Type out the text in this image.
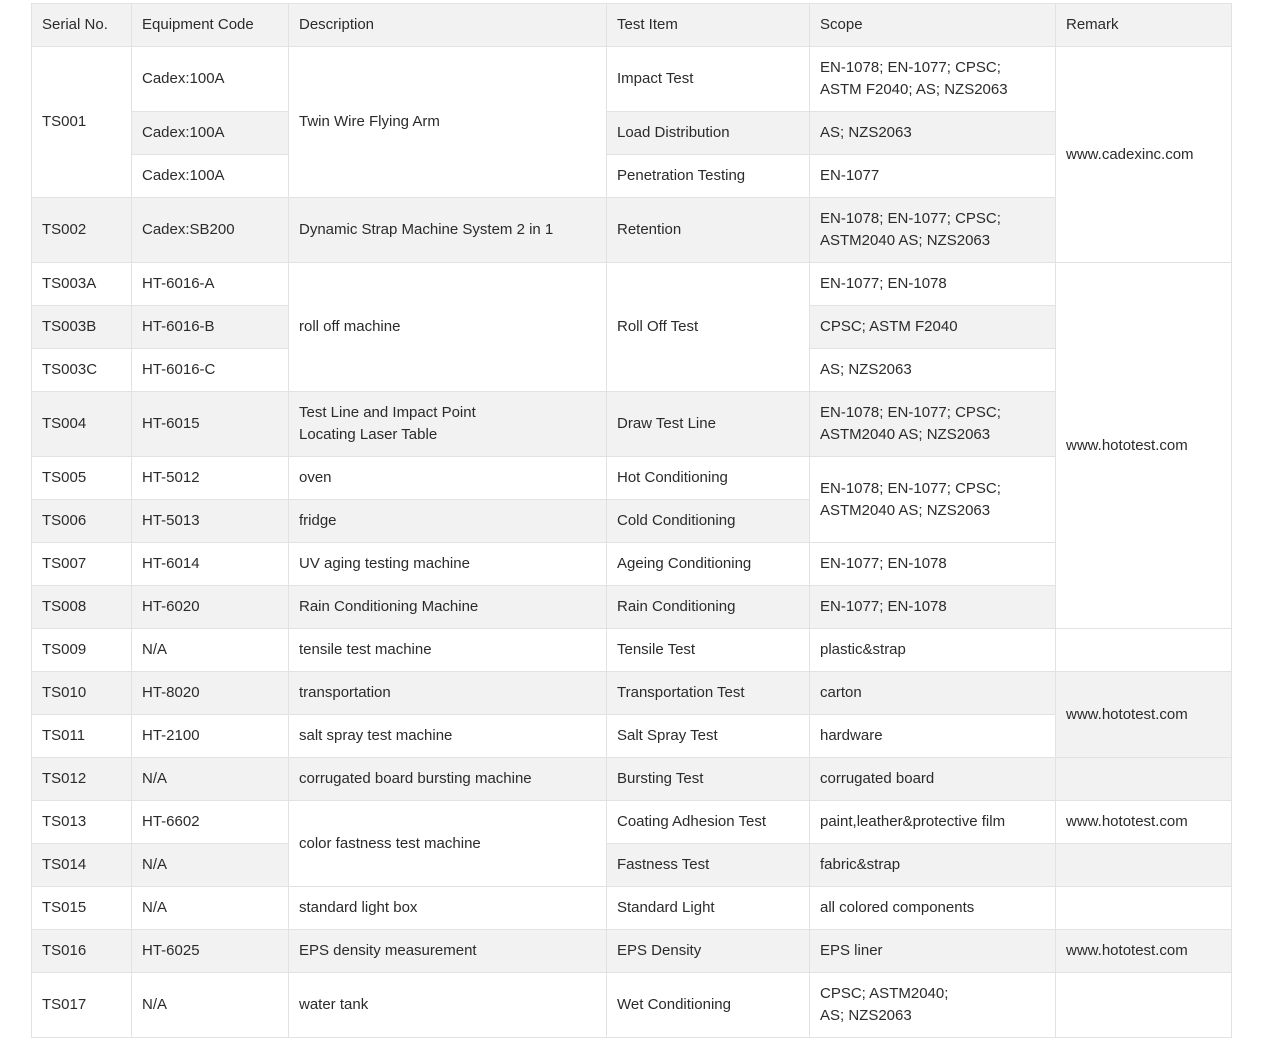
Serial No.	Equipment Code	Description	Test Item	Scope	Remark
TS001	Cadex:100A	Twin Wire Flying Arm	Impact Test	EN-1078; EN-1077; CPSC;
ASTM F2040; AS; NZS2063	www.cadexinc.com
	Cadex:100A		Load Distribution	AS; NZS2063	
	Cadex:100A		Penetration Testing	EN-1077	
TS002	Cadex:SB200	Dynamic Strap Machine System 2 in 1	Retention	EN-1078; EN-1077; CPSC;
ASTM2040 AS; NZS2063	
TS003A	HT-6016-A	roll off machine	Roll Off Test	EN-1077; EN-1078	www.hototest.com
TS003B	HT-6016-B			CPSC; ASTM F2040	
TS003C	HT-6016-C			AS; NZS2063	
TS004	HT-6015	Test Line and Impact Point
Locating Laser Table	Draw Test Line	EN-1078; EN-1077; CPSC;
ASTM2040 AS; NZS2063	
TS005	HT-5012	oven	Hot Conditioning	EN-1078; EN-1077; CPSC;
ASTM2040 AS; NZS2063	
TS006	HT-5013	fridge	Cold Conditioning		
TS007	HT-6014	UV aging testing machine	Ageing Conditioning	EN-1077; EN-1078	
TS008	HT-6020	Rain Conditioning Machine	Rain Conditioning	EN-1077; EN-1078	
TS009	N/A	tensile test machine	Tensile Test	plastic&strap	
TS010	HT-8020	transportation	Transportation Test	carton	www.hototest.com
TS011	HT-2100	salt spray test machine	Salt Spray Test	hardware	
TS012	N/A	corrugated board bursting machine	Bursting Test	corrugated board	
TS013	HT-6602	color fastness test machine	Coating Adhesion Test	paint,leather&protective film	www.hototest.com
TS014	N/A		Fastness Test	fabric&strap	
TS015	N/A	standard light box	Standard Light	all colored components	
TS016	HT-6025	EPS density measurement	EPS Density	EPS liner	www.hototest.com
TS017	N/A	water tank	Wet Conditioning	CPSC; ASTM2040;
AS; NZS2063	
